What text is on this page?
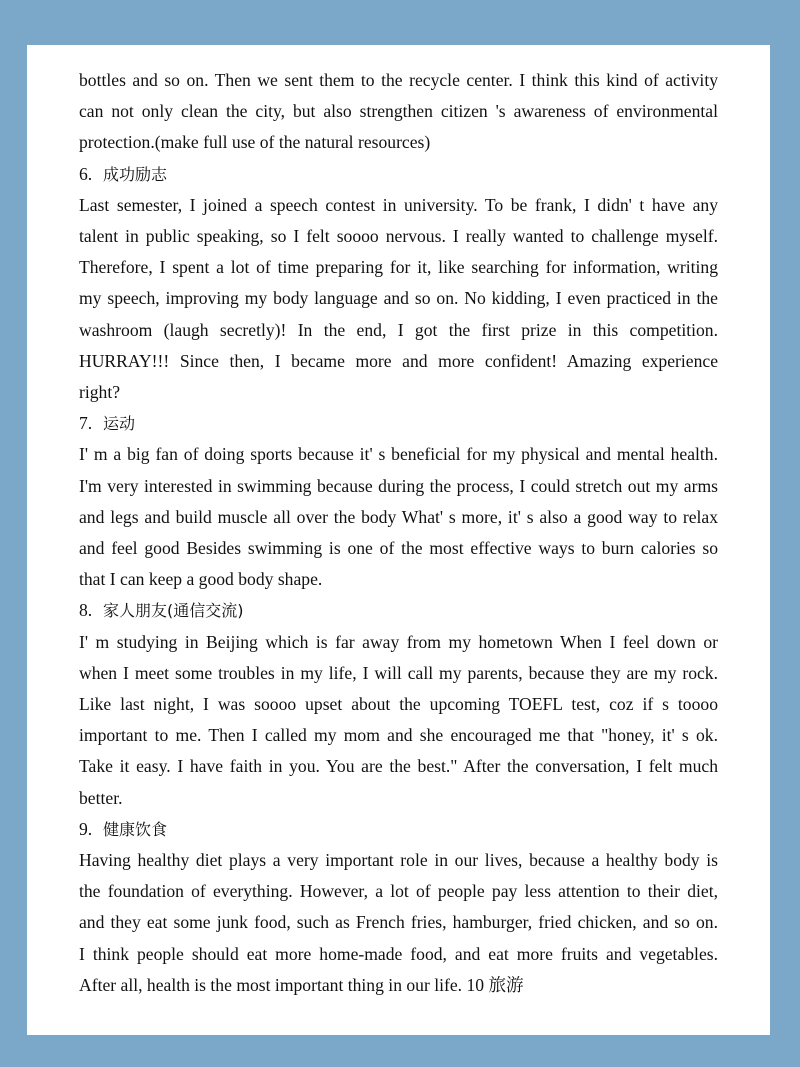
bottles and so on. Then we sent them to the recycle center. I think this kind of activity
can not only clean the city, but also strengthen citizen 's awareness of environmental
protection.(make full use of the natural resources)
6. 成功励志
Last semester, I joined a speech contest in university. To be frank, I didn' t have any
talent in public speaking, so I felt soooo nervous. I really wanted to challenge myself.
Therefore, I spent a lot of time preparing for it, like searching for information, writing
my speech, improving my body language and so on. No kidding, I even practiced in the
washroom (laugh secretly)! In the end, I got the first prize in this competition.
HURRAY!!! Since then, I became more and more confident! Amazing experience
right?
7. 运动
I' m a big fan of doing sports because it' s beneficial for my physical and mental health.
I'm very interested in swimming because during the process, I could stretch out my arms
and legs and build muscle all over the body What' s more, it' s also a good way to relax
and feel good Besides swimming is one of the most effective ways to burn calories so
that I can keep a good body shape.
8. 家人朋友(通信交流)
I' m studying in Beijing which is far away from my hometown When I feel down or
when I meet some troubles in my life, I will call my parents, because they are my rock.
Like last night, I was soooo upset about the upcoming TOEFL test, coz if s toooo
important to me. Then I called my mom and she encouraged me that "honey, it' s ok.
Take it easy. I have faith in you. You are the best." After the conversation, I felt much
better.
9. 健康饮食
Having healthy diet plays a very important role in our lives, because a healthy body is
the foundation of everything. However, a lot of people pay less attention to their diet,
and they eat some junk food, such as French fries, hamburger, fried chicken, and so on.
I think people should eat more home-made food, and eat more fruits and vegetables.
After all, health is the most important thing in our life. 10 旅游
